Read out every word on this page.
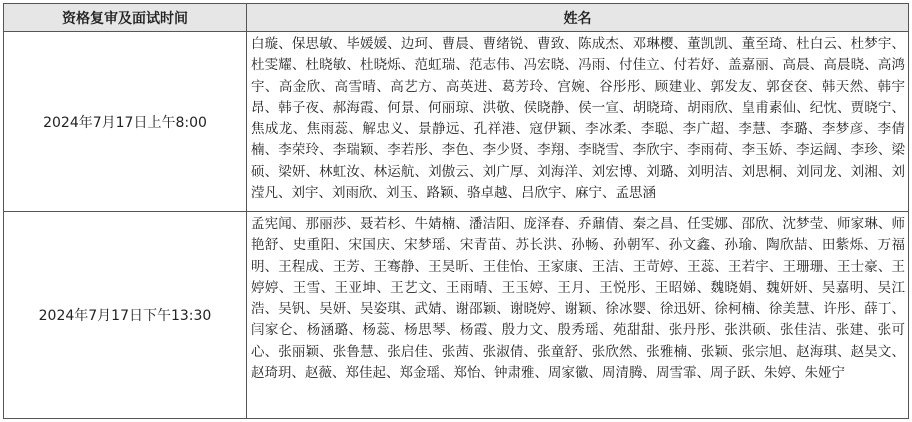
资格复审及面试时间	姓名
2024年7月17日上午8:00	白璇、保思敏、毕媛媛、边珂、曹晨、曹绪锐、曹致、陈成杰、邓琳樱、董凯凯、董至琦、杜白云、杜梦宇、杜雯耀、杜晓敏、杜晓烁、范虹瑞、范志伟、冯宏晓、冯雨、付佳立、付若妤、盖嘉丽、高晨、高晨晓、高鸿宇、高金欣、高雪晴、高艺方、高英进、葛芳玲、宫婉、谷彤彤、顾建业、郭发友、郭奁奁、韩天然、韩宇昂、韩子夜、郝海霞、何景、何丽琼、洪敬、侯晓静、侯一宣、胡晓琦、胡雨欣、皇甫素仙、纪忱、贾晓宁、焦成龙、焦雨蕊、解忠义、景静远、孔祥港、寇伊颖、李冰柔、李聪、李广超、李慧、李璐、李梦彦、李倩楠、李荣玲、李瑞颖、李若彤、李色、李少贤、李翔、李晓雪、李欣宇、李雨荷、李玉娇、李运阔、李珍、梁硕、梁妍、林虹汝、林运航、刘傲云、刘广厚、刘海洋、刘宏博、刘璐、刘明洁、刘思桐、刘同龙、刘湘、刘滢凡、刘宇、刘雨欣、刘玉、路颖、骆卓越、吕欣宇、麻宁、孟思涵
2024年7月17日下午13:30	孟宪闻、那丽莎、聂若杉、牛婧楠、潘洁阳、庞泽春、乔鼐倩、秦之昌、任雯娜、邵欣、沈梦莹、师家琳、师艳舒、史重阳、宋国庆、宋梦瑶、宋青苗、苏长洪、孙畅、孙朝军、孙文鑫、孙瑜、陶欣喆、田紫烁、万福明、王程成、王芳、王骞静、王昊昕、王佳怡、王家康、王洁、王苛婷、王蕊、王若宇、王珊珊、王士豪、王婷婷、王雪、王亚坤、王艺文、王雨晴、王玉婷、王月、王悦彤、王昭娣、魏晓娟、魏妍妍、吴嘉明、吴江浩、吴钒、吴妍、吴姿琪、武婧、谢邵颖、谢晓婷、谢颖、徐冰婴、徐迅妍、徐柯楠、徐美慧、许彤、薛丁、闫家仑、杨涵璐、杨蕊、杨思琴、杨霞、殷力文、殷秀瑶、苑甜甜、张丹彤、张洪硕、张佳洁、张建、张可心、张丽颖、张鲁慧、张启佳、张茜、张淑倩、张童舒、张欣然、张雅楠、张颖、张宗旭、赵海琪、赵昊文、赵琦玥、赵薇、郑佳起、郑金瑶、郑怡、钟肃雅、周家徽、周清腾、周雪霏、周子跃、朱婷、朱娅宁
